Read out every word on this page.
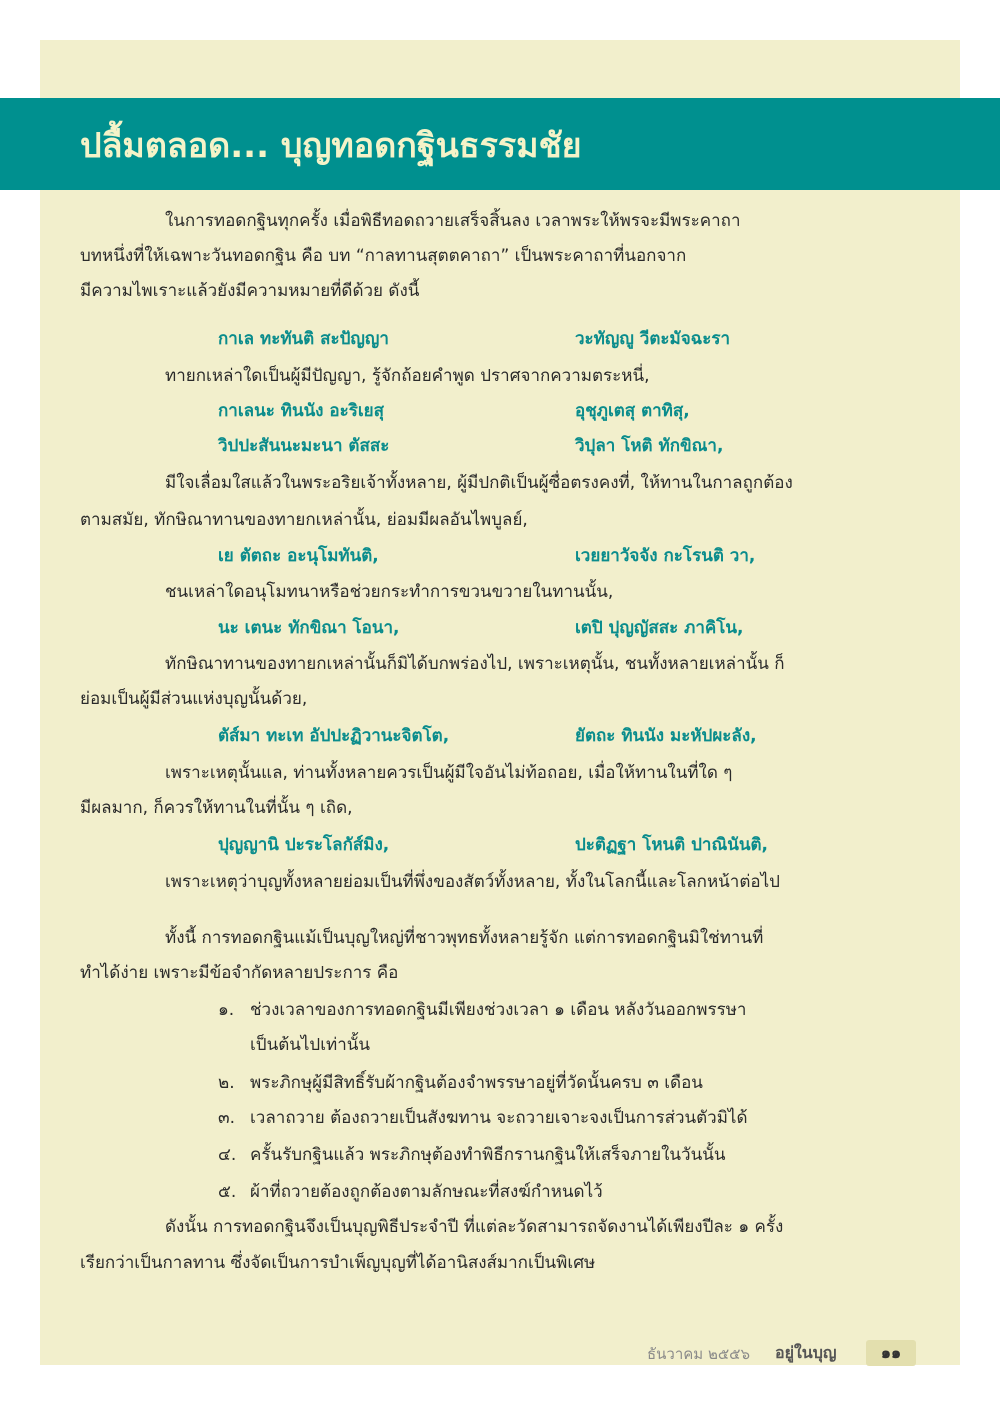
ปลื้มตลอด... บุญทอดกฐินธรรมชัย
ในการทอดกฐินทุกครั้ง เมื่อพิธีทอดถวายเสร็จสิ้นลง เวลาพระให้พรจะมีพระคาถา
บทหนึ่งที่ให้เฉพาะวันทอดกฐิน คือ บท “กาลทานสุตตคาถา” เป็นพระคาถาที่นอกจาก
มีความไพเราะแล้วยังมีความหมายที่ดีด้วย ดังนี้
กาเล ทะทันติ สะปัญญา	วะทัญญู วีตะมัจฉะรา
ทายกเหล่าใดเป็นผู้มีปัญญา, รู้จักถ้อยคำพูด ปราศจากความตระหนี่,
กาเลนะ ทินนัง อะริเยสุ	อุชุภูเตสุ ตาทิสุ,
วิปปะสันนะมะนา ตัสสะ	วิปุลา โหติ ทักขิณา,
มีใจเลื่อมใสแล้วในพระอริยเจ้าทั้งหลาย, ผู้มีปกติเป็นผู้ซื่อตรงคงที่, ให้ทานในกาลถูกต้อง
ตามสมัย, ทักษิณาทานของทายกเหล่านั้น, ย่อมมีผลอันไพบูลย์,
เย ตัตถะ อะนุโมทันติ,	เวยยาวัจจัง กะโรนติ วา,
ชนเหล่าใดอนุโมทนาหรือช่วยกระทำการขวนขวายในทานนั้น,
นะ เตนะ ทักขิณา โอนา,	เตปิ ปุญญัสสะ ภาคิโน,
ทักษิณาทานของทายกเหล่านั้นก็มิได้บกพร่องไป, เพราะเหตุนั้น, ชนทั้งหลายเหล่านั้น ก็
ย่อมเป็นผู้มีส่วนแห่งบุญนั้นด้วย,
ตัส์มา ทะเท อัปปะฏิวานะจิตโต,	ยัตถะ ทินนัง มะหัปผะลัง,
เพราะเหตุนั้นแล, ท่านทั้งหลายควรเป็นผู้มีใจอันไม่ท้อถอย, เมื่อให้ทานในที่ใด ๆ
มีผลมาก, ก็ควรให้ทานในที่นั้น ๆ เถิด,
ปุญญานิ ปะระโลกัส์มิง,	ปะติฏฐา โหนติ ปาณินันติ,
เพราะเหตุว่าบุญทั้งหลายย่อมเป็นที่พึ่งของสัตว์ทั้งหลาย, ทั้งในโลกนี้และโลกหน้าต่อไป
ทั้งนี้ การทอดกฐินแม้เป็นบุญใหญ่ที่ชาวพุทธทั้งหลายรู้จัก แต่การทอดกฐินมิใช่ทานที่
ทำได้ง่าย เพราะมีข้อจำกัดหลายประการ คือ
๑. ช่วงเวลาของการทอดกฐินมีเพียงช่วงเวลา ๑ เดือน หลังวันออกพรรษา
เป็นต้นไปเท่านั้น
๒. พระภิกษุผู้มีสิทธิ์รับผ้ากฐินต้องจำพรรษาอยู่ที่วัดนั้นครบ ๓ เดือน
๓. เวลาถวาย ต้องถวายเป็นสังฆทาน จะถวายเจาะจงเป็นการส่วนตัวมิได้
๔. ครั้นรับกฐินแล้ว พระภิกษุต้องทำพิธีกรานกฐินให้เสร็จภายในวันนั้น
๕. ผ้าที่ถวายต้องถูกต้องตามลักษณะที่สงฆ์กำหนดไว้
ดังนั้น การทอดกฐินจึงเป็นบุญพิธีประจำปี ที่แต่ละวัดสามารถจัดงานได้เพียงปีละ ๑ ครั้ง
เรียกว่าเป็นกาลทาน ซึ่งจัดเป็นการบำเพ็ญบุญที่ได้อานิสงส์มากเป็นพิเศษ
ธันวาคม ๒๕๕๖ อยู่ในบุญ	๑๑
